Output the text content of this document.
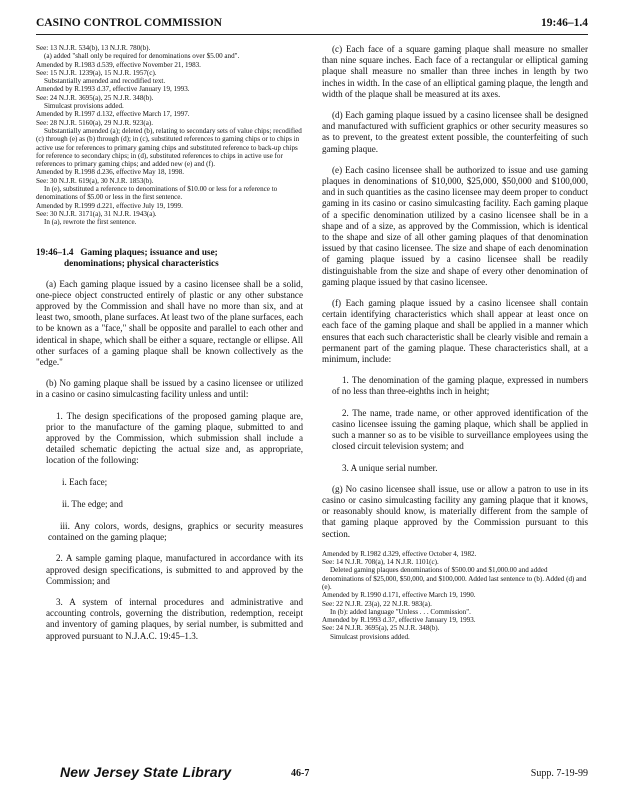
CASINO CONTROL COMMISSION	19:46–1.4

See: 13 N.J.R. 534(b), 13 N.J.R. 780(b).

(a) added "shall only be required for denominations over $5.00 and".

Amended by R.1983 d.539, effective November 21, 1983.

See: 15 N.J.R. 1239(a), 15 N.J.R. 1957(c).

Substantially amended and recodified text.

Amended by R.1993 d.37, effective January 19, 1993.

See: 24 N.J.R. 3695(a), 25 N.J.R. 348(b).

Simulcast provisions added.

Amended by R.1997 d.132, effective March 17, 1997.

See: 28 N.J.R. 5160(a), 29 N.J.R. 923(a).

Substantially amended (a); deleted (b), relating to secondary sets of value chips; recodified (c) through (e) as (b) through (d); in (c), substituted references to gaming chips or to chips in active use for references to primary gaming chips and substituted reference to back-up chips for reference to secondary chips; in (d), substituted references to chips in active use for references to primary gaming chips; and added new (e) and (f).

Amended by R.1998 d.236, effective May 18, 1998.

See: 30 N.J.R. 619(a), 30 N.J.R. 1853(b).

In (e), substituted a reference to denominations of $10.00 or less for a reference to denominations of $5.00 or less in the first sentence.

Amended by R.1999 d.221, effective July 19, 1999.

See: 30 N.J.R. 3171(a), 31 N.J.R. 1943(a).

In (a), rewrote the first sentence.

19:46–1.4 Gaming plaques; issuance and use;
denominations; physical characteristics

(a) Each gaming plaque issued by a casino licensee shall be a solid, one-piece object constructed entirely of plastic or any other substance approved by the Commission and shall have no more than six, and at least two, smooth, plane surfaces. At least two of the plane surfaces, each to be known as a "face," shall be opposite and parallel to each other and identical in shape, which shall be either a square, rectangle or ellipse. All other surfaces of a gaming plaque shall be known collectively as the "edge."

(b) No gaming plaque shall be issued by a casino licensee or utilized in a casino or casino simulcasting facility unless and until:

1. The design specifications of the proposed gaming plaque are, prior to the manufacture of the gaming plaque, submitted to and approved by the Commission, which submission shall include a detailed schematic depicting the actual size and, as appropriate, location of the following:

i. Each face;

ii. The edge; and

iii. Any colors, words, designs, graphics or security measures contained on the gaming plaque;

2. A sample gaming plaque, manufactured in accordance with its approved design specifications, is submitted to and approved by the Commission; and

3. A system of internal procedures and administrative and accounting controls, governing the distribution, redemption, receipt and inventory of gaming plaques, by serial number, is submitted and approved pursuant to N.J.A.C. 19:45–1.3.

(c) Each face of a square gaming plaque shall measure no smaller than nine square inches. Each face of a rectangular or elliptical gaming plaque shall measure no smaller than three inches in length by two inches in width. In the case of an elliptical gaming plaque, the length and width of the plaque shall be measured at its axes.

(d) Each gaming plaque issued by a casino licensee shall be designed and manufactured with sufficient graphics or other security measures so as to prevent, to the greatest extent possible, the counterfeiting of such gaming plaque.

(e) Each casino licensee shall be authorized to issue and use gaming plaques in denominations of $10,000, $25,000, $50,000 and $100,000, and in such quantities as the casino licensee may deem proper to conduct gaming in its casino or casino simulcasting facility. Each gaming plaque of a specific denomination utilized by a casino licensee shall be in a shape and of a size, as approved by the Commission, which is identical to the shape and size of all other gaming plaques of that denomination issued by that casino licensee. The size and shape of each denomination of gaming plaque issued by a casino licensee shall be readily distinguishable from the size and shape of every other denomination of gaming plaque issued by that casino licensee.

(f) Each gaming plaque issued by a casino licensee shall contain certain identifying characteristics which shall appear at least once on each face of the gaming plaque and shall be applied in a manner which ensures that each such characteristic shall be clearly visible and remain a permanent part of the gaming plaque. These characteristics shall, at a minimum, include:

1. The denomination of the gaming plaque, expressed in numbers of no less than three-eighths inch in height;

2. The name, trade name, or other approved identification of the casino licensee issuing the gaming plaque, which shall be applied in such a manner so as to be visible to surveillance employees using the closed circuit television system; and

3. A unique serial number.

(g) No casino licensee shall issue, use or allow a patron to use in its casino or casino simulcasting facility any gaming plaque that it knows, or reasonably should know, is materially different from the sample of that gaming plaque approved by the Commission pursuant to this section.

Amended by R.1982 d.329, effective October 4, 1982.

See: 14 N.J.R. 708(a), 14 N.J.R. 1101(c).

Deleted gaming plaques denominations of $500.00 and $1,000.00 and added denominations of $25,000, $50,000, and $100,000. Added last sentence to (b). Added (d) and (e).

Amended by R.1990 d.171, effective March 19, 1990.

See: 22 N.J.R. 23(a), 22 N.J.R. 983(a).

In (b): added language "Unless . . . Commission".

Amended by R.1993 d.37, effective January 19, 1993.

See: 24 N.J.R. 3695(a), 25 N.J.R. 348(b).

Simulcast provisions added.

New Jersey State Library	46-7	Supp. 7-19-99
